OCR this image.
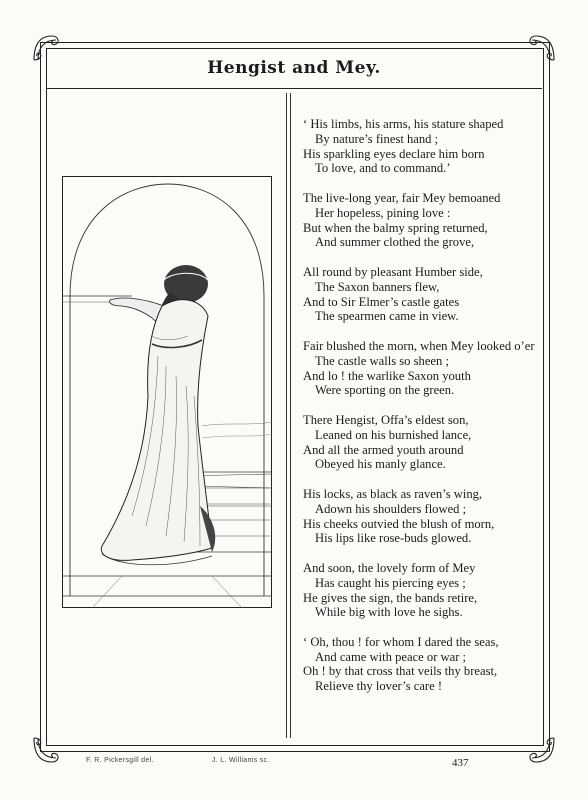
Hengist and Mey.
‘ His limbs, his arms, his stature shaped
By nature’s finest hand ;
His sparkling eyes declare him born
To love, and to command.’
The live-long year, fair Mey bemoaned
Her hopeless, pining love :
But when the balmy spring returned,
And summer clothed the grove,
All round by pleasant Humber side,
The Saxon banners flew,
And to Sir Elmer’s castle gates
The spearmen came in view.
Fair blushed the morn, when Mey looked o’er
The castle walls so sheen ;
And lo ! the warlike Saxon youth
Were sporting on the green.
There Hengist, Offa’s eldest son,
Leaned on his burnished lance,
And all the armed youth around
Obeyed his manly glance.
His locks, as black as raven’s wing,
Adown his shoulders flowed ;
His cheeks outvied the blush of morn,
His lips like rose-buds glowed.
And soon, the lovely form of Mey
Has caught his piercing eyes ;
He gives the sign, the bands retire,
While big with love he sighs.
‘ Oh, thou ! for whom I dared the seas,
And came with peace or war ;
Oh ! by that cross that veils thy breast,
Relieve thy lover’s care !
F. R. Pickersgill del.	J. L. Williams sc.	437
